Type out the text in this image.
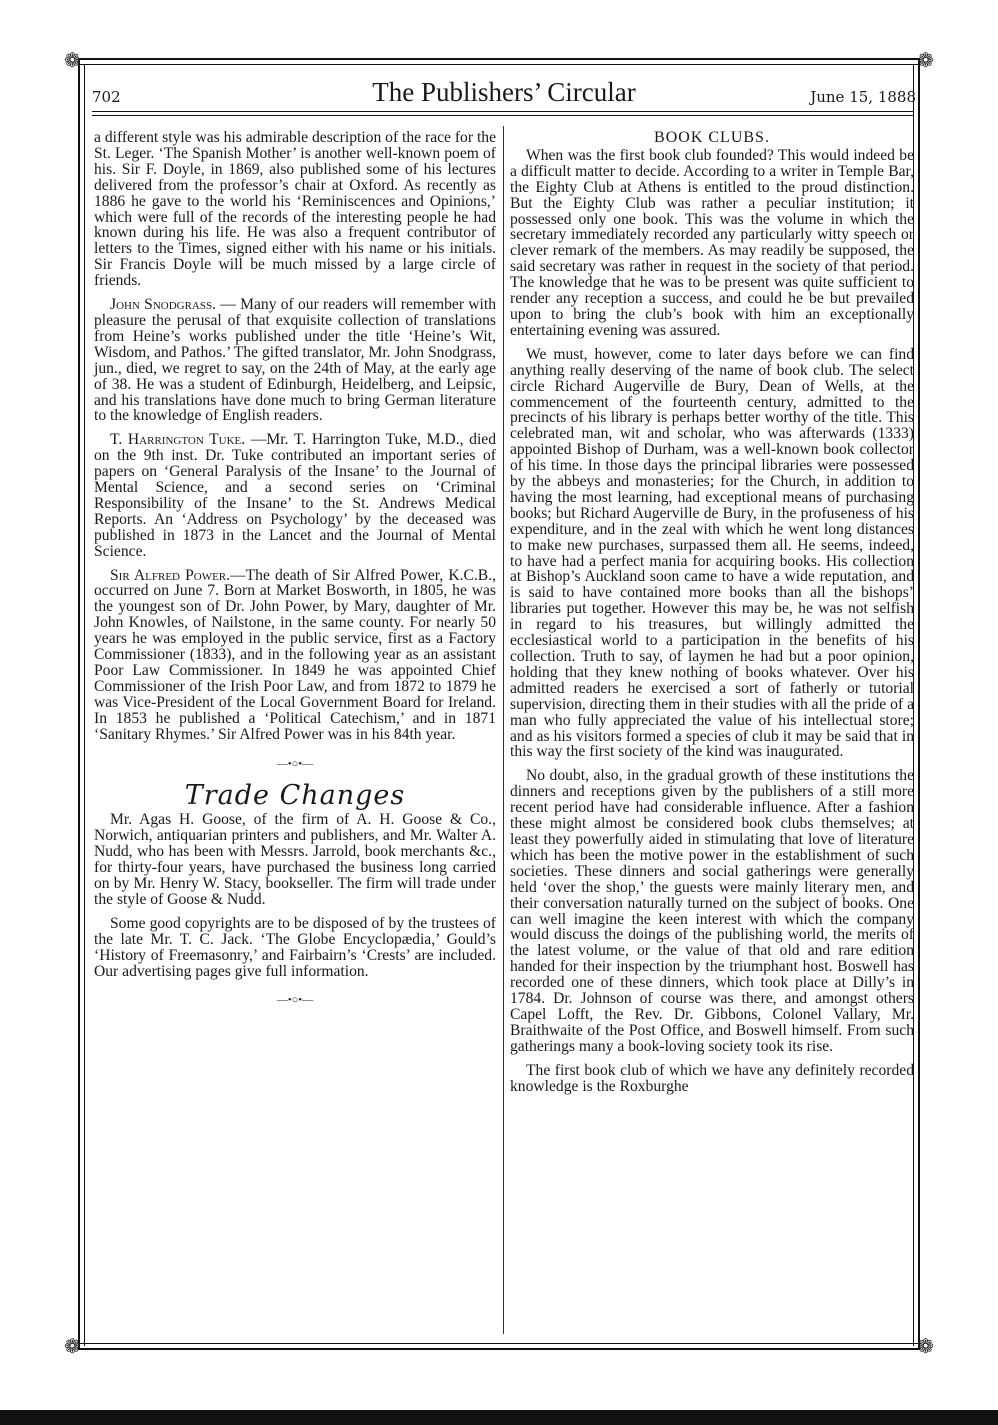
❁	❁
❁	❁
702	The Publishers’ Circular	June 15, 1888

a different style was his admirable description of the race for the St. Leger. ‘The Spanish Mother’ is another well-known poem of his. Sir F. Doyle, in 1869, also published some of his lectures delivered from the professor’s chair at Oxford. As recently as 1886 he gave to the world his ‘Reminiscences and Opinions,’ which were full of the records of the interesting people he had known during his life. He was also a frequent contributor of letters to the Times, signed either with his name or his initials. Sir Francis Doyle will be much missed by a large circle of friends.

John Snodgrass. — Many of our readers will remember with pleasure the perusal of that exquisite collection of translations from Heine’s works published under the title ‘Heine’s Wit, Wisdom, and Pathos.’ The gifted translator, Mr. John Snodgrass, jun., died, we regret to say, on the 24th of May, at the early age of 38. He was a student of Edinburgh, Heidelberg, and Leipsic, and his translations have done much to bring German literature to the knowledge of English readers.

T. Harrington Tuke. —Mr. T. Harrington Tuke, M.D., died on the 9th inst. Dr. Tuke contributed an important series of papers on ‘General Paralysis of the Insane’ to the Journal of Mental Science, and a second series on ‘Criminal Responsibility of the Insane’ to the St. Andrews Medical Reports. An ‘Address on Psychology’ by the deceased was published in 1873 in the Lancet and the Journal of Mental Science.

Sir Alfred Power.—The death of Sir Alfred Power, K.C.B., occurred on June 7. Born at Market Bosworth, in 1805, he was the youngest son of Dr. John Power, by Mary, daughter of Mr. John Knowles, of Nailstone, in the same county. For nearly 50 years he was employed in the public service, first as a Factory Commissioner (1833), and in the following year as an assistant Poor Law Commissioner. In 1849 he was appointed Chief Commissioner of the Irish Poor Law, and from 1872 to 1879 he was Vice-President of the Local Government Board for Ireland. In 1853 he published a ‘Political Catechism,’ and in 1871 ‘Sanitary Rhymes.’ Sir Alfred Power was in his 84th year.

—•○•—
Trade Changes

Mr. Agas H. Goose, of the firm of A. H. Goose & Co., Norwich, antiquarian printers and publishers, and Mr. Walter A. Nudd, who has been with Messrs. Jarrold, book merchants &c., for thirty-four years, have purchased the business long carried on by Mr. Henry W. Stacy, bookseller. The firm will trade under the style of Goose & Nudd.

Some good copyrights are to be disposed of by the trustees of the late Mr. T. C. Jack. ‘The Globe Encyclopædia,’ Gould’s ‘History of Freemasonry,’ and Fairbairn’s ‘Crests’ are included. Our advertising pages give full information.

—•○•—
BOOK CLUBS.

When was the first book club founded? This would indeed be a difficult matter to decide. According to a writer in Temple Bar, the Eighty Club at Athens is entitled to the proud distinction. But the Eighty Club was rather a peculiar institution; it possessed only one book. This was the volume in which the secretary immediately recorded any particularly witty speech or clever remark of the members. As may readily be supposed, the said secretary was rather in request in the society of that period. The knowledge that he was to be present was quite sufficient to render any reception a success, and could he be but prevailed upon to bring the club’s book with him an exceptionally entertaining evening was assured.

We must, however, come to later days before we can find anything really deserving of the name of book club. The select circle Richard Augerville de Bury, Dean of Wells, at the commencement of the fourteenth century, admitted to the precincts of his library is perhaps better worthy of the title. This celebrated man, wit and scholar, who was afterwards (1333) appointed Bishop of Durham, was a well-known book collector of his time. In those days the principal libraries were possessed by the abbeys and monasteries; for the Church, in addition to having the most learning, had exceptional means of purchasing books; but Richard Augerville de Bury, in the profuseness of his expenditure, and in the zeal with which he went long distances to make new purchases, surpassed them all. He seems, indeed, to have had a perfect mania for acquiring books. His collection at Bishop’s Auckland soon came to have a wide reputation, and is said to have contained more books than all the bishops’ libraries put together. However this may be, he was not selfish in regard to his treasures, but willingly admitted the ecclesiastical world to a participation in the benefits of his collection. Truth to say, of laymen he had but a poor opinion, holding that they knew nothing of books whatever. Over his admitted readers he exercised a sort of fatherly or tutorial supervision, directing them in their studies with all the pride of a man who fully appreciated the value of his intellectual store; and as his visitors formed a species of club it may be said that in this way the first society of the kind was inaugurated.

No doubt, also, in the gradual growth of these institutions the dinners and receptions given by the publishers of a still more recent period have had considerable influence. After a fashion these might almost be considered book clubs themselves; at least they powerfully aided in stimulating that love of literature which has been the motive power in the establishment of such societies. These dinners and social gatherings were generally held ‘over the shop,’ the guests were mainly literary men, and their conversation naturally turned on the subject of books. One can well imagine the keen interest with which the company would discuss the doings of the publishing world, the merits of the latest volume, or the value of that old and rare edition handed for their inspection by the triumphant host. Boswell has recorded one of these dinners, which took place at Dilly’s in 1784. Dr. Johnson of course was there, and amongst others Capel Lofft, the Rev. Dr. Gibbons, Colonel Vallary, Mr. Braithwaite of the Post Office, and Boswell himself. From such gatherings many a book-loving society took its rise.

The first book club of which we have any definitely recorded knowledge is the Roxburghe
